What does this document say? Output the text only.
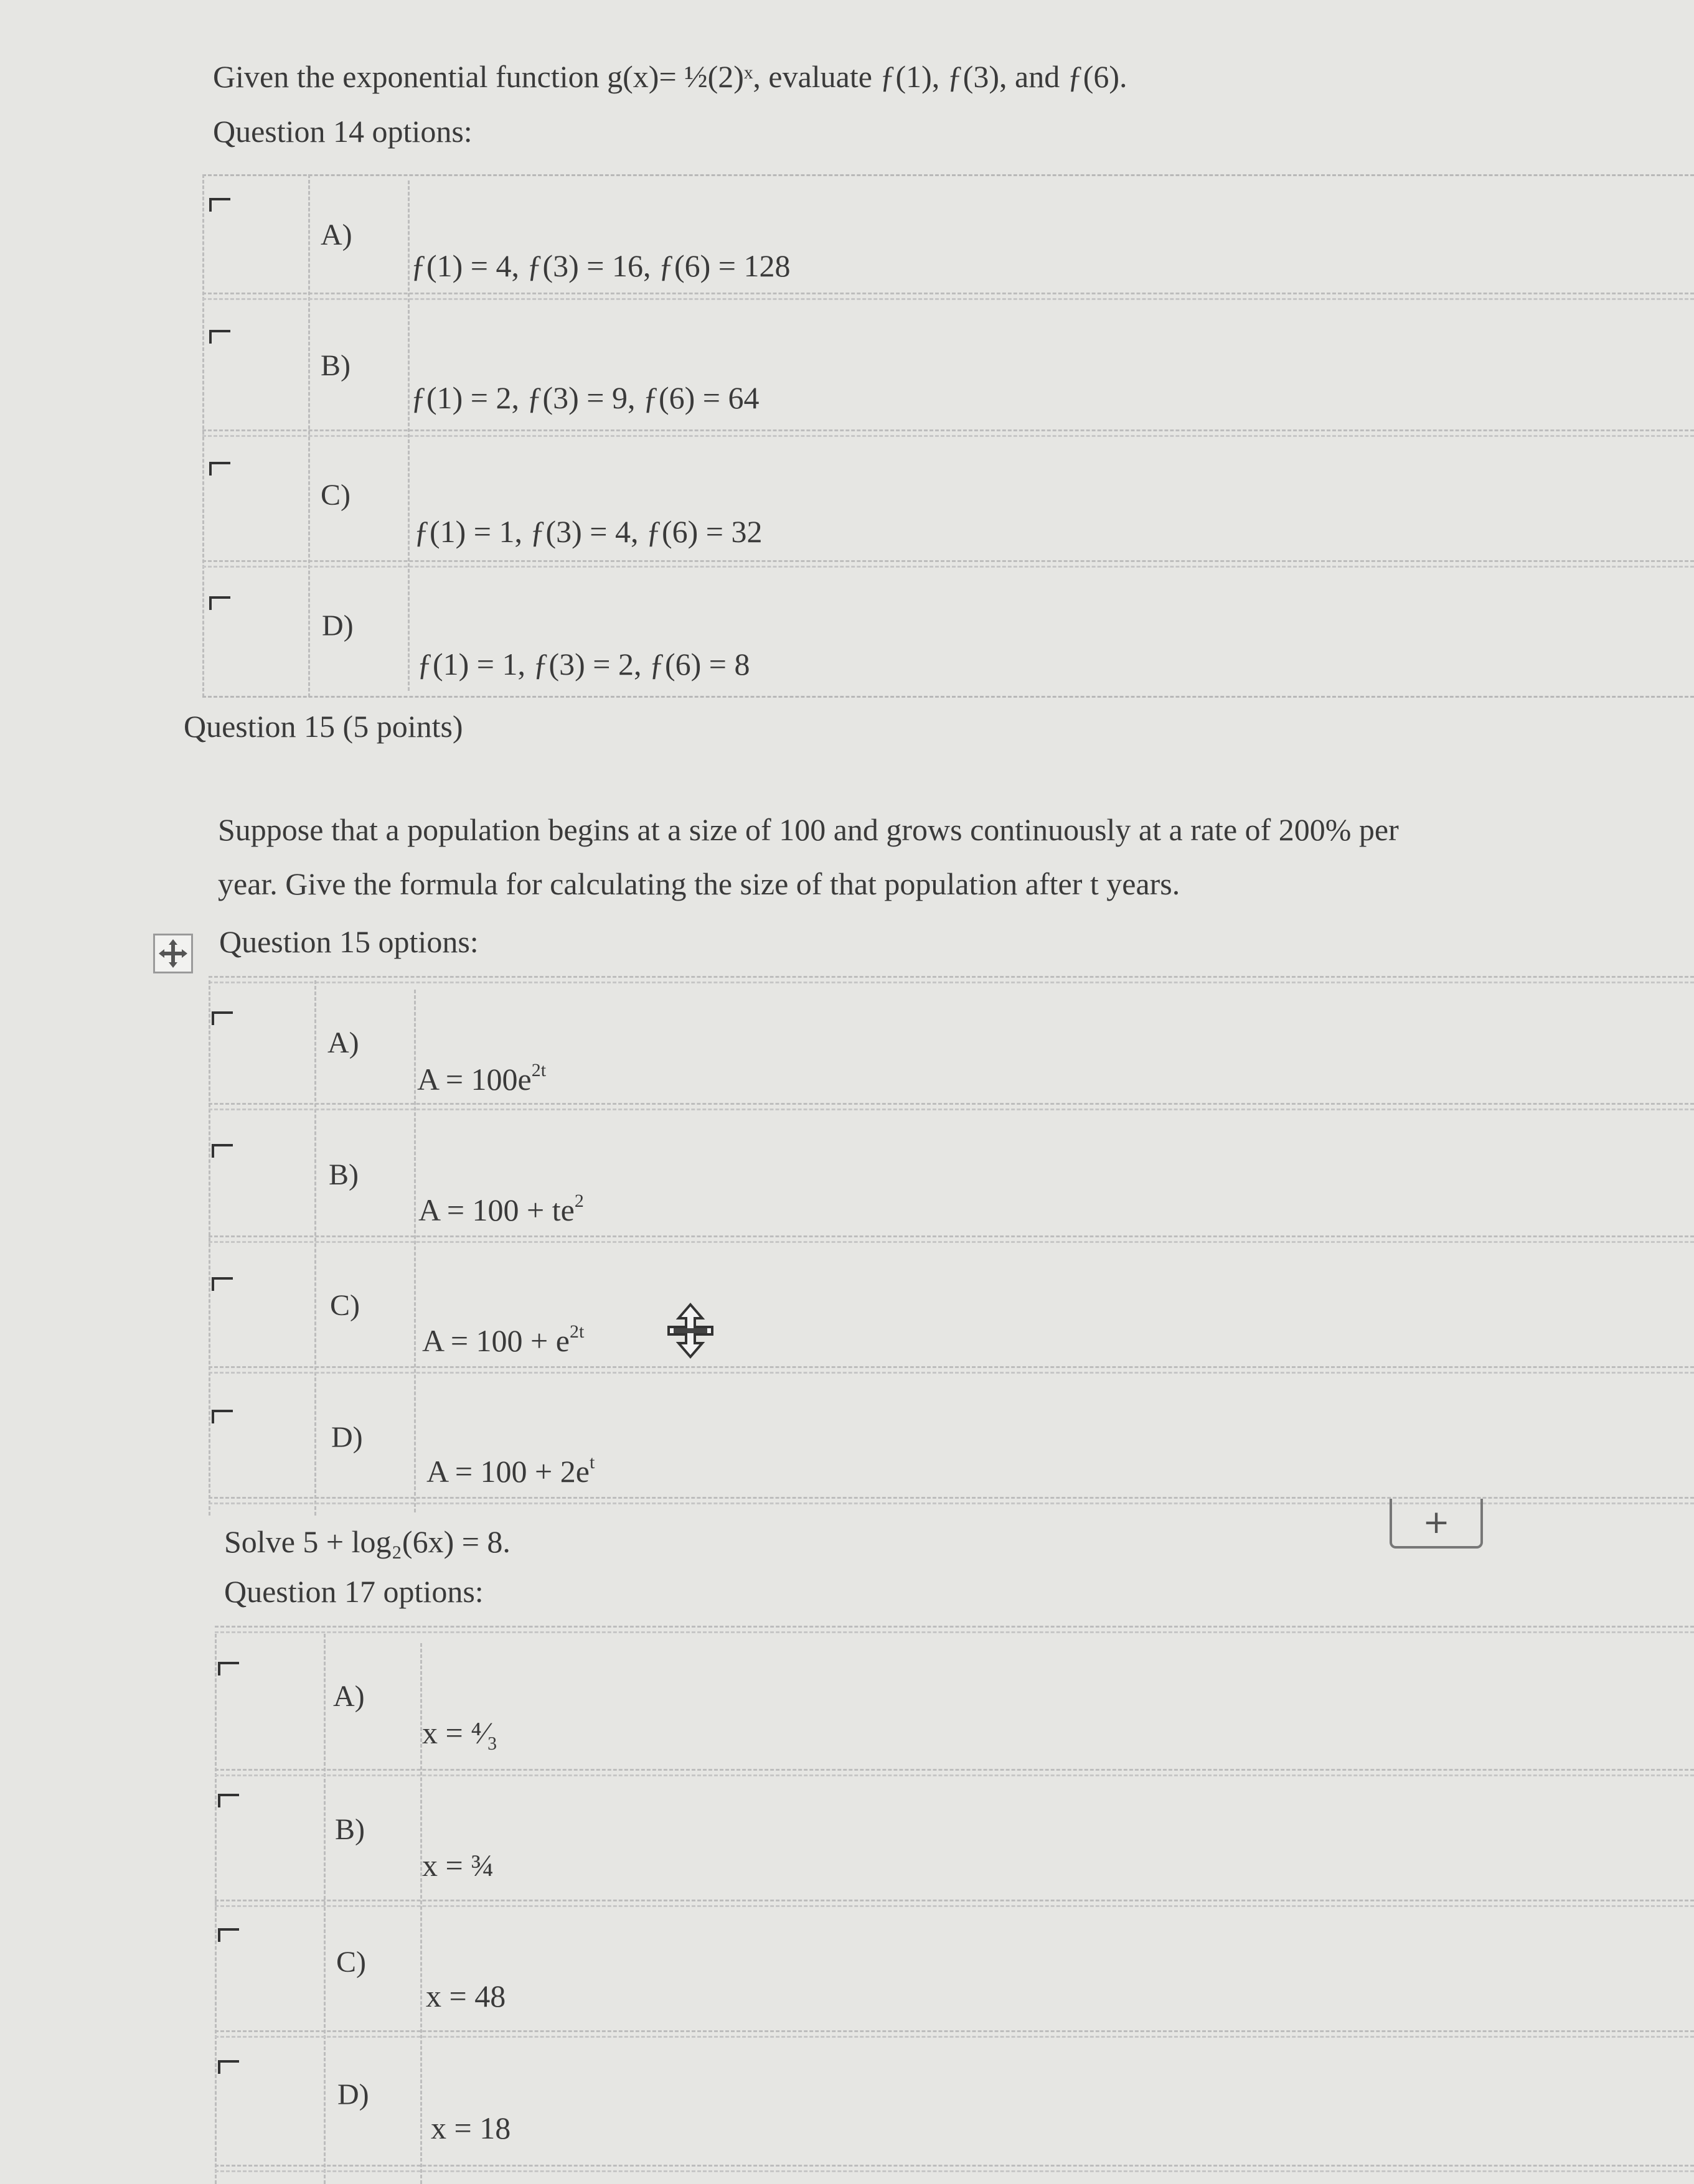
Given the exponential function g(x)= ½(2)ˣ, evaluate ƒ(1), ƒ(3), and ƒ(6).
Question 14 options:
A)
ƒ(1) = 4, ƒ(3) = 16, ƒ(6) = 128
B)
ƒ(1) = 2, ƒ(3) = 9, ƒ(6) = 64
C)
ƒ(1) = 1, ƒ(3) = 4, ƒ(6) = 32
D)
ƒ(1) = 1, ƒ(3) = 2, ƒ(6) = 8
Question 15 (5 points)
Suppose that a population begins at a size of 100 and grows continuously at a rate of 200% per
year. Give the formula for calculating the size of that population after t years.
Question 15 options:
A)
$A = 100e^{2t}$
B)
$A = 100 + te^2$
C)
$A = 100 + e^{2t}$
D)
$A = 100 + 2e^t$
+
Solve 5 + log₂(6x) = 8.
Question 17 options:
A)
x = ⁴⁄₃
B)
x = ¾
C)
x = 48
D)
x = 18
